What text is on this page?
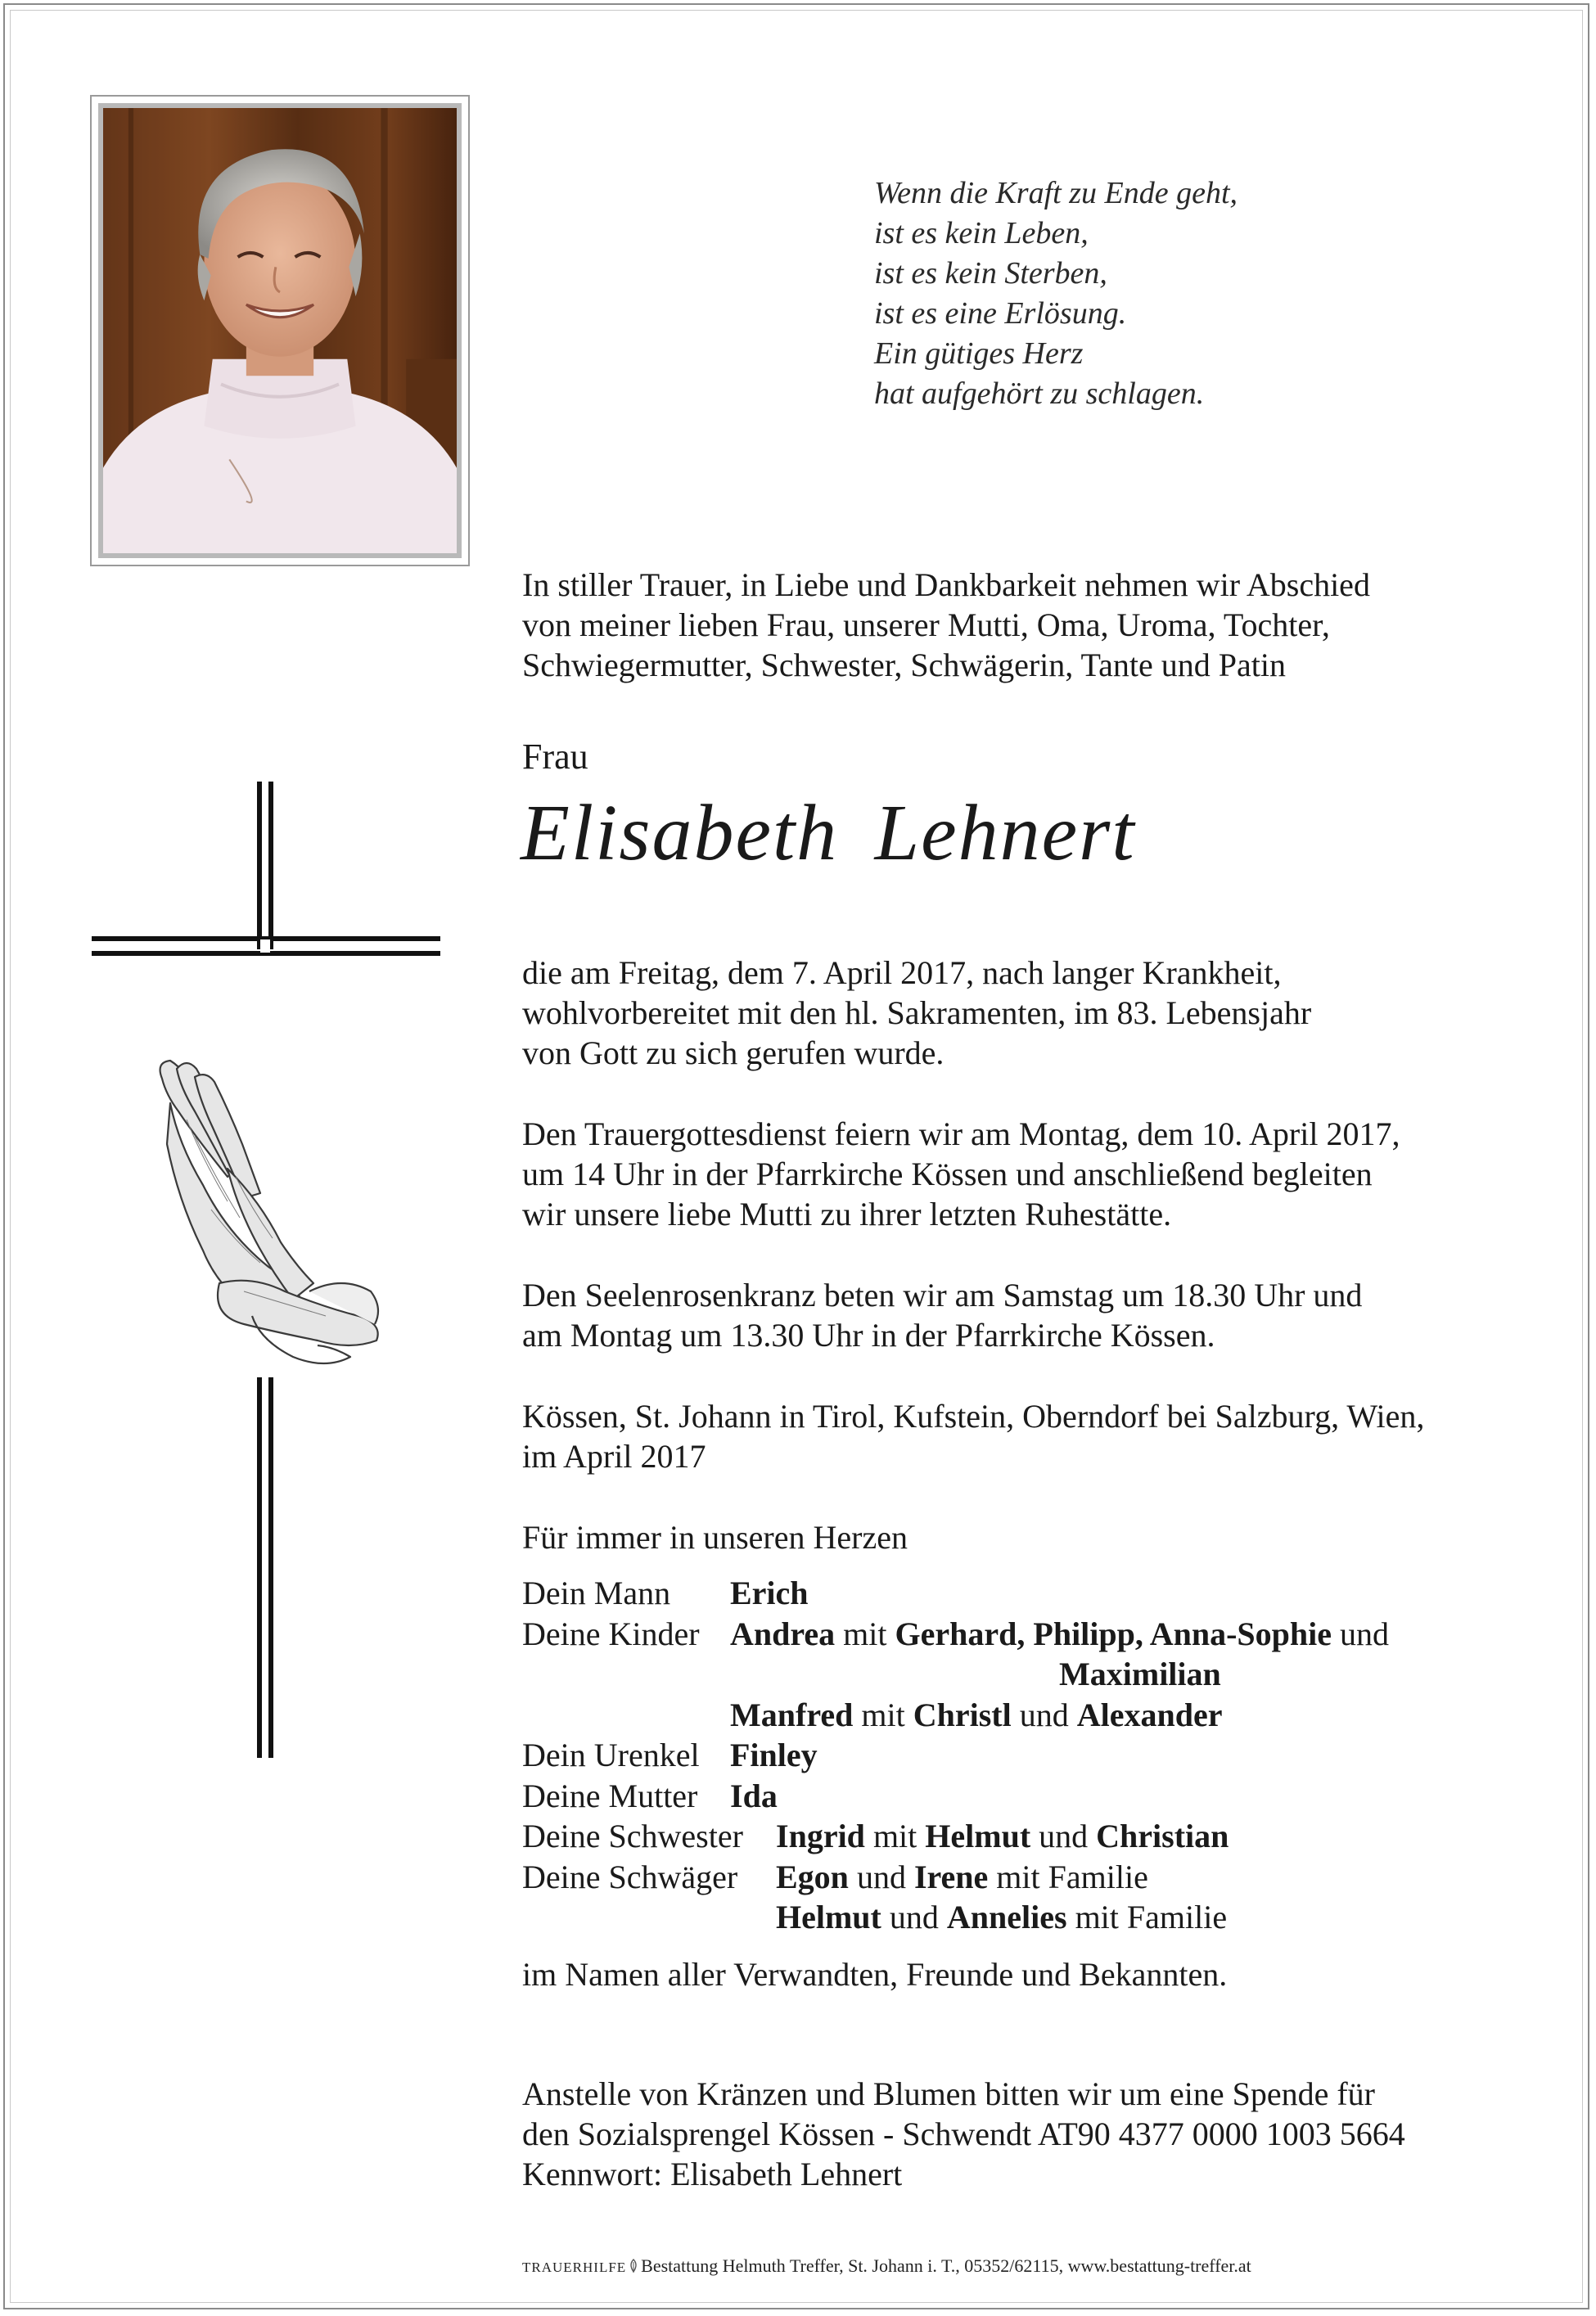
Wenn die Kraft zu Ende geht,
ist es kein Leben,
ist es kein Sterben,
ist es eine Erlösung.
Ein gütiges Herz
hat aufgehört zu schlagen.
In stiller Trauer, in Liebe und Dankbarkeit nehmen wir Abschied
von meiner lieben Frau, unserer Mutti, Oma, Uroma, Tochter,
Schwiegermutter, Schwester, Schwägerin, Tante und Patin
Frau
Elisabeth Lehnert
die am Freitag, dem 7. April 2017, nach langer Krankheit,
wohlvorbereitet mit den hl. Sakramenten, im 83. Lebensjahr
von Gott zu sich gerufen wurde.
Den Trauergottesdienst feiern wir am Montag, dem 10. April 2017,
um 14 Uhr in der Pfarrkirche Kössen und anschließend begleiten
wir unsere liebe Mutti zu ihrer letzten Ruhestätte.
Den Seelenrosenkranz beten wir am Samstag um 18.30 Uhr und
am Montag um 13.30 Uhr in der Pfarrkirche Kössen.
Kössen, St. Johann in Tirol, Kufstein, Oberndorf bei Salzburg, Wien,
im April 2017
Für immer in unseren Herzen
Dein Mann Erich
Deine Kinder Andrea mit Gerhard, Philipp, Anna-Sophie und
Maximilian
Manfred mit Christl und Alexander
Dein Urenkel Finley
Deine Mutter Ida
Deine Schwester Ingrid mit Helmut und Christian
Deine Schwäger Egon und Irene mit Familie
Helmut und Annelies mit Familie
im Namen aller Verwandten, Freunde und Bekannten.
Anstelle von Kränzen und Blumen bitten wir um eine Spende für
den Sozialsprengel Kössen - Schwendt AT90 4377 0000 1003 5664
Kennwort: Elisabeth Lehnert
TRAUERHILFE Bestattung Helmuth Treffer, St. Johann i. T., 05352/62115, www.bestattung-treffer.at
